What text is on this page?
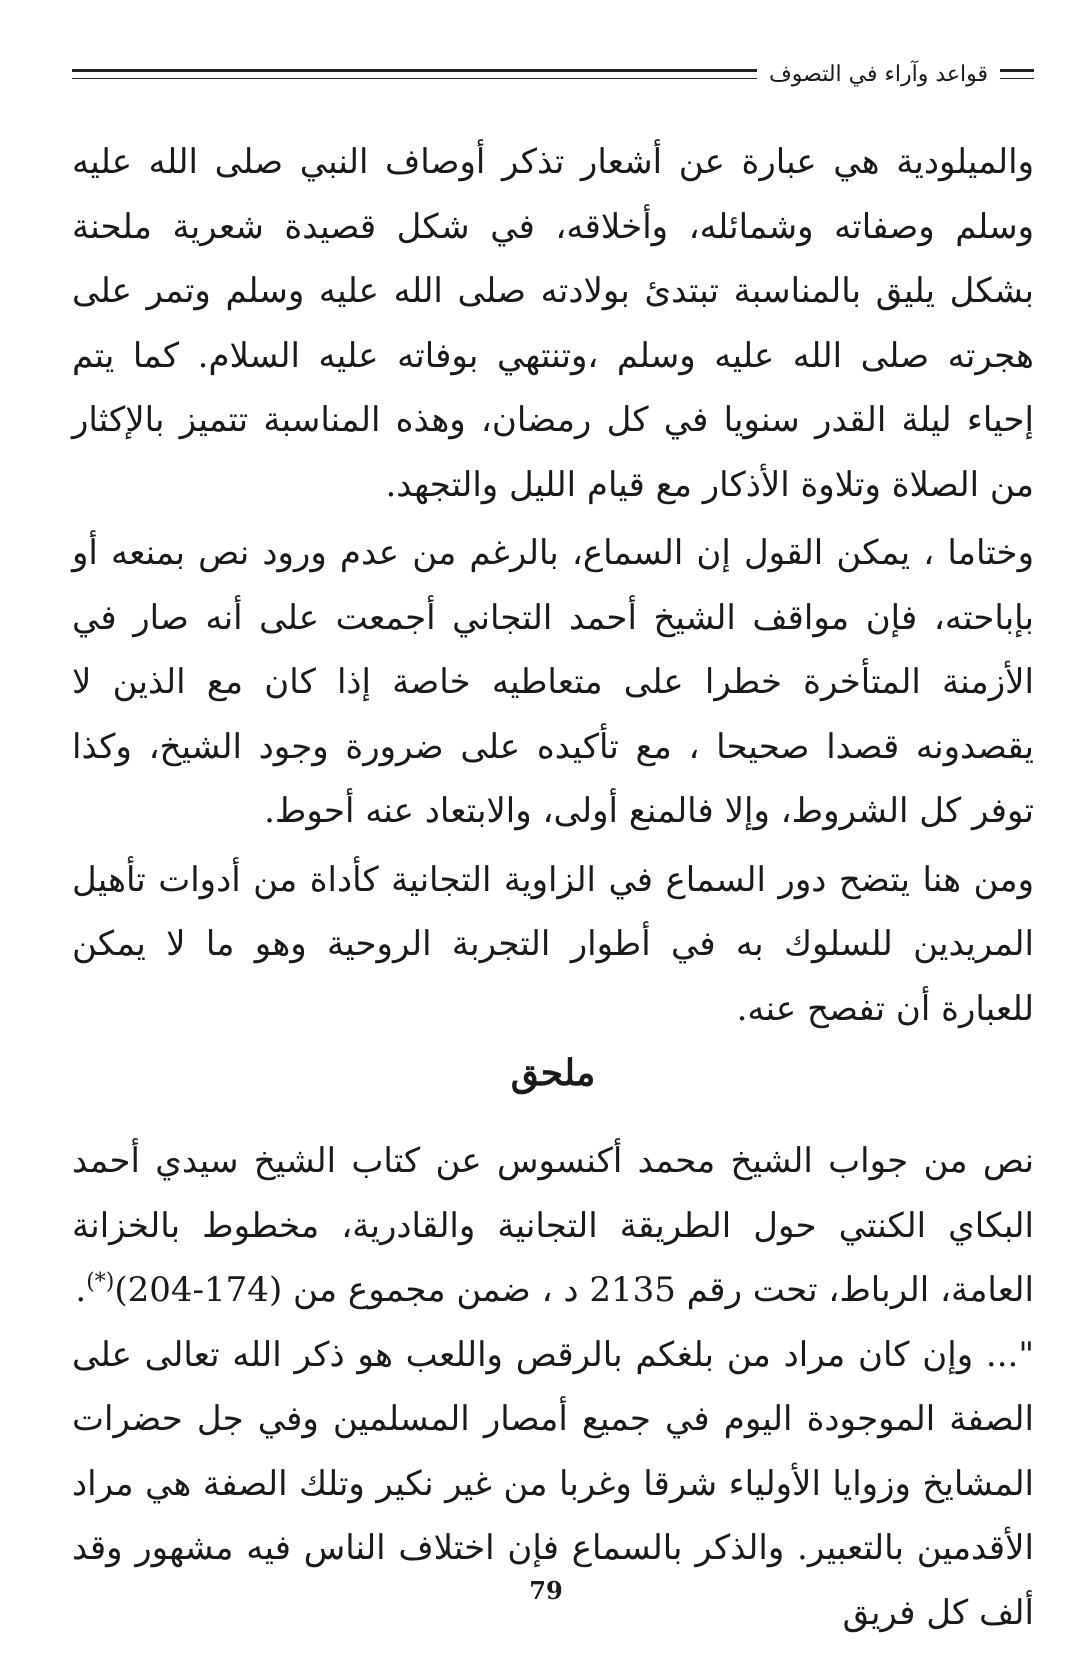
قواعد وآراء في التصوف

والميلودية هي عبارة عن أشعار تذكر أوصاف النبي صلى الله عليه وسلم وصفاته وشمائله، وأخلاقه، في شكل قصيدة شعرية ملحنة بشكل يليق بالمناسبة تبتدئ بولادته صلى الله عليه وسلم وتمر على هجرته صلى الله عليه وسلم ،وتنتهي بوفاته عليه السلام. كما يتم إحياء ليلة القدر سنويا في كل رمضان، وهذه المناسبة تتميز بالإكثار من الصلاة وتلاوة الأذكار مع قيام الليل والتجهد.

وختاما ، يمكن القول إن السماع، بالرغم من عدم ورود نص بمنعه أو بإباحته، فإن مواقف الشيخ أحمد التجاني أجمعت على أنه صار في الأزمنة المتأخرة خطرا على متعاطيه خاصة إذا كان مع الذين لا يقصدونه قصدا صحيحا ، مع تأكيده على ضرورة وجود الشيخ، وكذا توفر كل الشروط، وإلا فالمنع أولى، والابتعاد عنه أحوط.

ومن هنا يتضح دور السماع في الزاوية التجانية كأداة من أدوات تأهيل المريدين للسلوك به في أطوار التجربة الروحية وهو ما لا يمكن للعبارة أن تفصح عنه.

ملحق

نص من جواب الشيخ محمد أكنسوس عن كتاب الشيخ سيدي أحمد البكاي الكنتي حول الطريقة التجانية والقادرية، مخطوط بالخزانة العامة، الرباط، تحت رقم 2135 د ، ضمن مجموع من (174-204)(*).

"... وإن كان مراد من بلغكم بالرقص واللعب هو ذكر الله تعالى على الصفة الموجودة اليوم في جميع أمصار المسلمين وفي جل حضرات المشايخ وزوايا الأولياء شرقا وغربا من غير نكير وتلك الصفة هي مراد الأقدمين بالتعبير. والذكر بالسماع فإن اختلاف الناس فيه مشهور وقد ألف كل فريق

79
